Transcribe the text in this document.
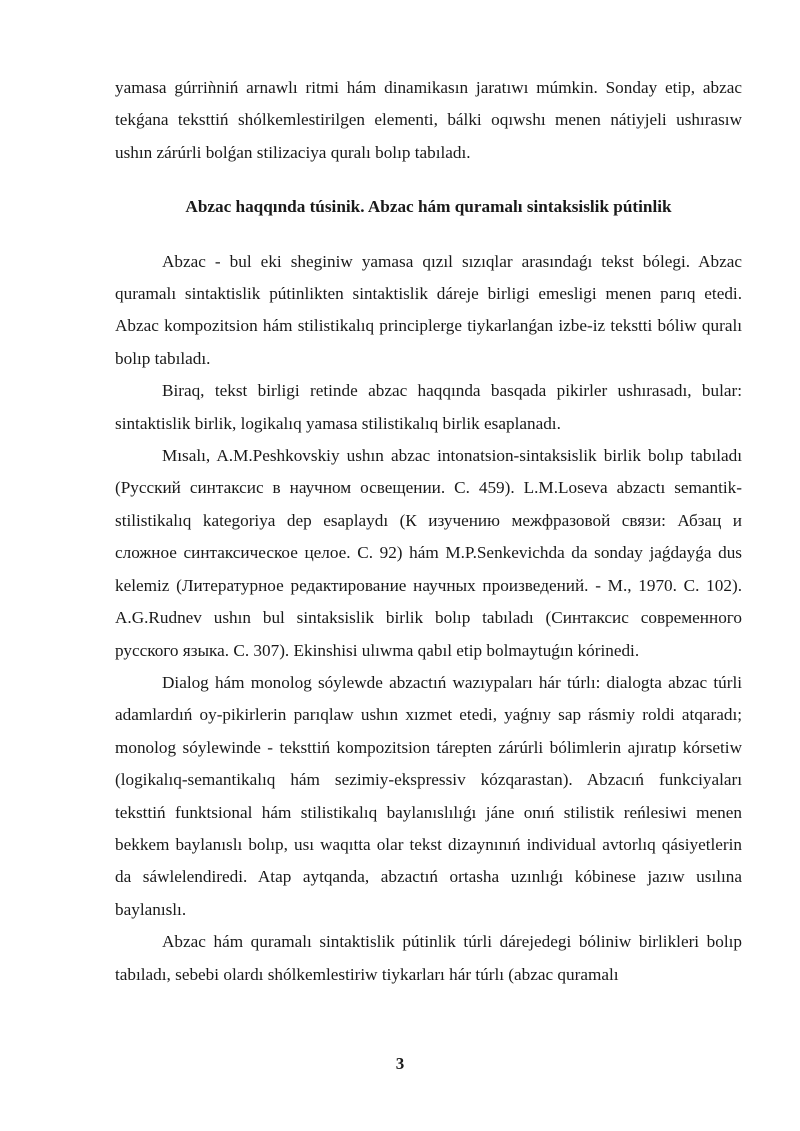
yamasa gúrriǹniń arnawlı ritmi hám dinamikasın jaratıwı múmkin. Sonday etip, abzac tekǵana teksttiń shólkemlestirilgen elementi, bálki oqıwshı menen nátiyjeli ushırasıw ushın zárúrli bolǵan stilizaciya quralı bolıp tabıladı.

Abzac haqqında túsinik. Abzac hám quramalı sintaksislik pútinlik

Abzac - bul eki sheginiw yamasa qızıl sızıqlar arasındaǵı tekst bólegi. Abzac quramalı sintaktislik pútinlikten sintaktislik dáreje birligi emesligi menen parıq etedi. Abzac kompozitsion hám stilistikalıq principlerge tiykarlanǵan izbe-iz tekstti bóliw quralı bolıp tabıladı.

Biraq, tekst birligi retinde abzac haqqında basqada pikirler ushırasadı, bular: sintaktislik birlik, logikalıq yamasa stilistikalıq birlik esaplanadı.

Mısalı, A.M.Peshkovskiy ushın abzac intonatsion-sintaksislik birlik bolıp tabıladı (Русский синтаксис в научном освещении. С. 459). L.M.Loseva abzactı semantik-stilistikalıq kategoriya dep esaplaydı (К изучению межфразовой связи: Абзац и сложное синтаксическое целое. С. 92) hám M.P.Senkevichda da sonday jaǵdayǵa dus kelemiz (Литературное редактирование научных произведений. - М., 1970. С. 102). A.G.Rudnev ushın bul sintaksislik birlik bolıp tabıladı (Синтаксис современного русского языка. С. 307). Ekinshisi ulıwma qabıl etip bolmaytuǵın kórinedi.

Dialog hám monolog sóylewde abzactıń wazıypaları hár túrlı: dialogta abzac túrli adamlardıń oy-pikirlerin parıqlaw ushın xızmet etedi, yaǵnıy sap rásmiy roldi atqaradı; monolog sóylewinde - teksttiń kompozitsion tárepten zárúrli bólimlerin ajıratıp kórsetiw (logikalıq-semantikalıq hám sezimiy-ekspressiv kózqarastan). Abzacıń funkciyaları teksttiń funktsional hám stilistikalıq baylanıslılıǵı jáne onıń stilistik reńlesiwi menen bekkem baylanıslı bolıp, usı waqıtta olar tekst dizaynınıń individual avtorlıq qásiyetlerin da sáwlelendiredi. Atap aytqanda, abzactıń ortasha uzınlıǵı kóbinese jazıw usılına baylanıslı.

Abzac hám quramalı sintaktislik pútinlik túrli dárejedegi bóliniw birlikleri bolıp tabıladı, sebebi olardı shólkemlestiriw tiykarları hár túrlı (abzac quramalı

3
